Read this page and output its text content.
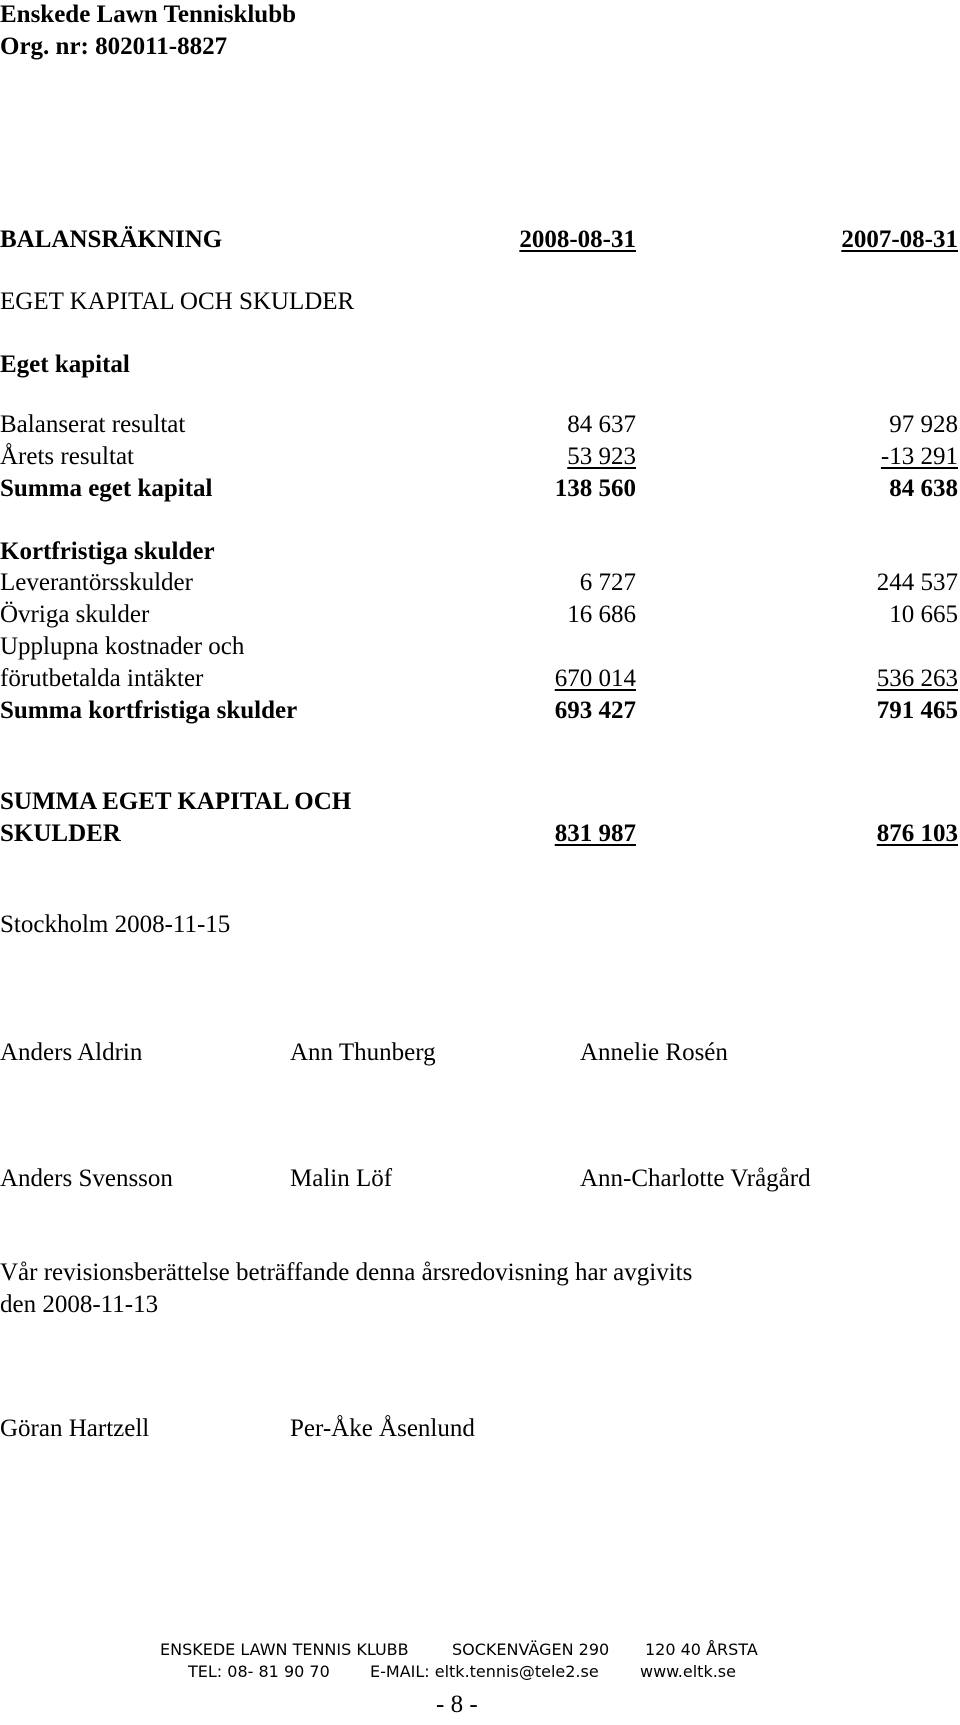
Enskede Lawn Tennisklubb
Org. nr: 802011-8827
BALANSRÄKNING	2008-08-31	2007-08-31
EGET KAPITAL OCH SKULDER
Eget kapital
Balanserat resultat	84 637	97 928
Årets resultat	53 923	-13 291
Summa eget kapital	138 560	84 638
Kortfristiga skulder
Leverantörsskulder	6 727	244 537
Övriga skulder	16 686	10 665
Upplupna kostnader och
förutbetalda intäkter	670 014	536 263
Summa kortfristiga skulder	693 427	791 465
SUMMA EGET KAPITAL OCH
SKULDER	831 987	876 103
Stockholm 2008-11-15
Anders Aldrin	Ann Thunberg	Annelie Rosén
Anders Svensson	Malin Löf	Ann-Charlotte Vrågård
Vår revisionsberättelse beträffande denna årsredovisning har avgivits
den 2008-11-13
Göran Hartzell	Per-Åke Åsenlund
ENSKEDE LAWN TENNIS KLUBB	SOCKENVÄGEN 290 120 40 ÅRSTA
TEL: 08- 81 90 70	E-MAIL: eltk.tennis@tele2.se	www.eltk.se
- 8 -
